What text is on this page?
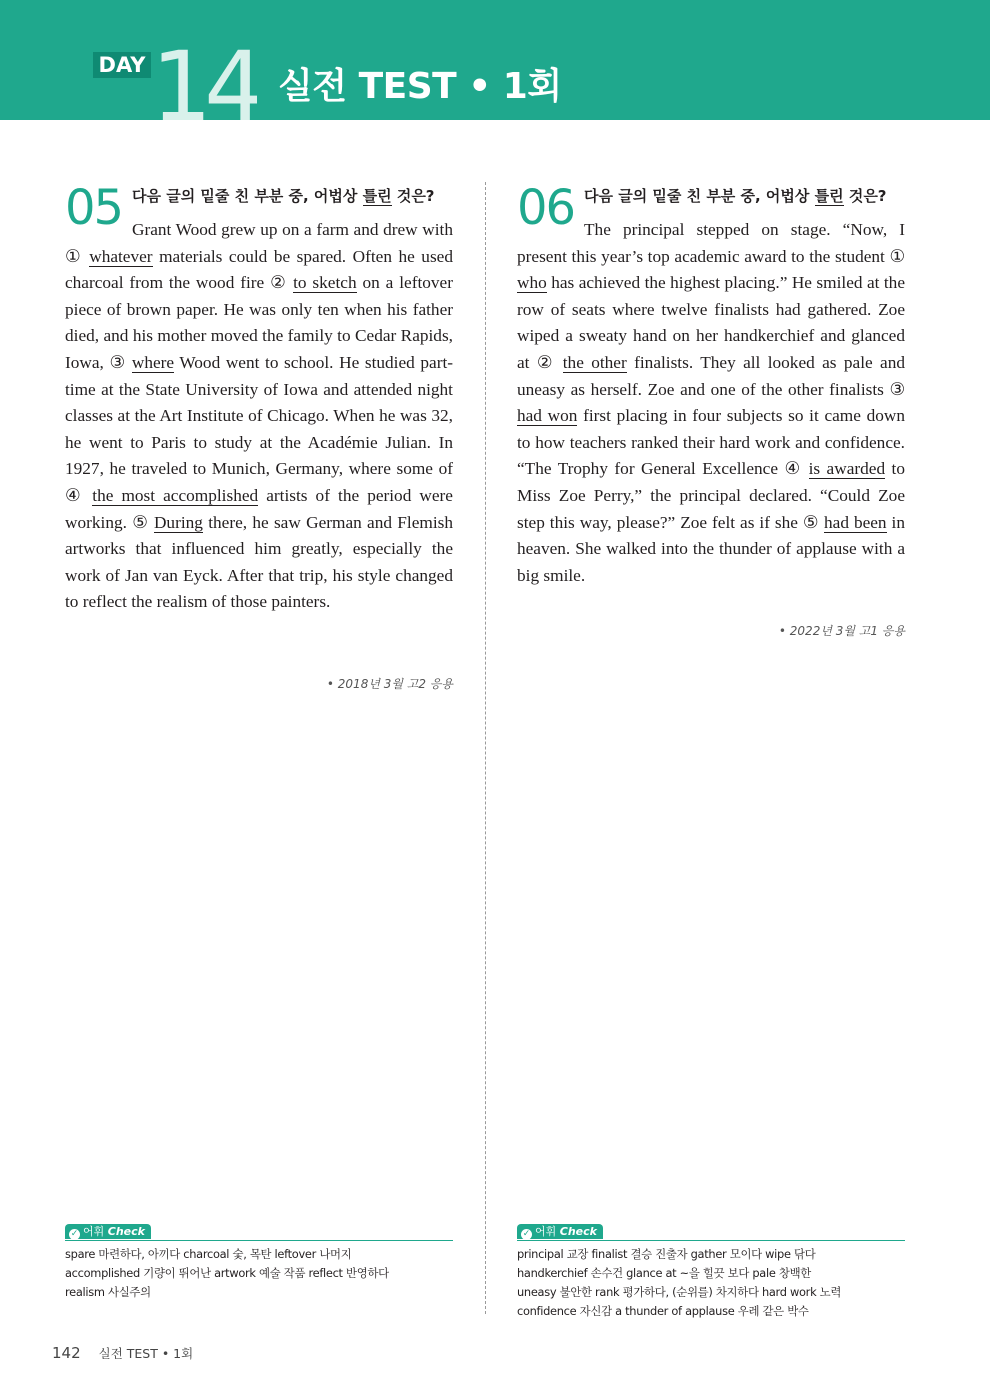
DAY 14 실전 TEST • 1회
05 다음 글의 밑줄 친 부분 중, 어법상 틀린 것은?
Grant Wood grew up on a farm and drew with ① whatever materials could be spared. Often he used charcoal from the wood fire ② to sketch on a leftover piece of brown paper. He was only ten when his father died, and his mother moved the family to Cedar Rapids, Iowa, ③ where Wood went to school. He studied part-time at the State University of Iowa and attended night classes at the Art Institute of Chicago. When he was 32, he went to Paris to study at the Académie Julian. In 1927, he traveled to Munich, Germany, where some of ④ the most accomplished artists of the period were working. ⑤ During there, he saw German and Flemish artworks that influenced him greatly, especially the work of Jan van Eyck. After that trip, his style changed to reflect the realism of those painters.
• 2018년 3월 고2 응용
06 다음 글의 밑줄 친 부분 중, 어법상 틀린 것은?
The principal stepped on stage. “Now, I present this year’s top academic award to the student ① who has achieved the highest placing.” He smiled at the row of seats where twelve finalists had gathered. Zoe wiped a sweaty hand on her handkerchief and glanced at ② the other finalists. They all looked as pale and uneasy as herself. Zoe and one of the other finalists ③ had won first placing in four subjects so it came down to how teachers ranked their hard work and confidence. “The Trophy for General Excellence ④ is awarded to Miss Zoe Perry,” the principal declared. “Could Zoe step this way, please?” Zoe felt as if she ⑤ had been in heaven. She walked into the thunder of applause with a big smile.
• 2022년 3월 고1 응용
✓ 어휘 Check
spare 마련하다, 아끼다 charcoal 숯, 목탄 leftover 나머지
accomplished 기량이 뛰어난 artwork 예술 작품 reflect 반영하다
realism 사실주의
✓ 어휘 Check
principal 교장 finalist 결승 진출자 gather 모이다 wipe 닦다
handkerchief 손수건 glance at ~을 힐끗 보다 pale 창백한
uneasy 불안한 rank 평가하다, (순위를) 차지하다 hard work 노력
confidence 자신감 a thunder of applause 우레 같은 박수
142 실전 TEST • 1회
